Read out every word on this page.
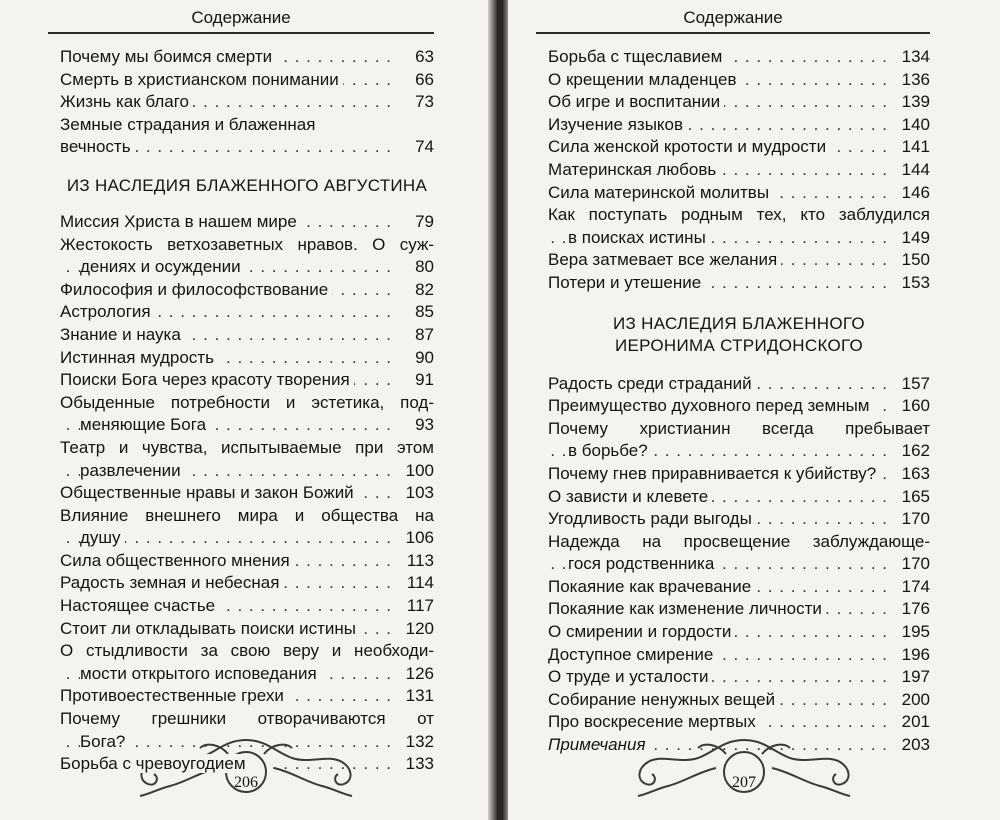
Содержание
Почему мы боимся смерти . . .	63
Смерть в христианском понимании . . .	66
Жизнь как благо . . .	73
Земные страдания и блаженная вечность . . .	74
ИЗ НАСЛЕДИЯ БЛАЖЕННОГО АВГУСТИНА
Миссия Христа в нашем мире . . .	79
Жестокость ветхозаветных нравов. О суж-
дениях и осуждении . . .	80
Философия и философствование . . .	82
Астрология . . .	85
Знание и наука . . .	87
Истинная мудрость . . .	90
Поиски Бога через красоту творения . . .	91
Обыденные потребности и эстетика, под-
меняющие Бога . . .	93
Театр и чувства, испытываемые при этом
развлечении . . .	100
Общественные нравы и закон Божий . . .	103
Влияние внешнего мира и общества на
душу . . .	106
Сила общественного мнения . . .	113
Радость земная и небесная . . .	114
Настоящее счастье . . .	117
Стоит ли откладывать поиски истины . . .	120
О стыдливости за свою веру и необходи-
мости открытого исповедания . . .	126
Противоестественные грехи . . .	131
Почему грешники отворачиваются от
Бога? . . .	132
Борьба с чревоугодием . . .	133
206
Содержание
Борьба с тщеславием . . .	134
О крещении младенцев . . .	136
Об игре и воспитании . . .	139
Изучение языков . . .	140
Сила женской кротости и мудрости . . .	141
Материнская любовь . . .	144
Сила материнской молитвы . . .	146
Как поступать родным тех, кто заблудился
в поисках истины . . .	149
Вера затмевает все желания . . .	150
Потери и утешение . . .	153
ИЗ НАСЛЕДИЯ БЛАЖЕННОГО
ИЕРОНИМА СТРИДОНСКОГО
Радость среди страданий . . .	157
Преимущество духовного перед земным . . .	160
Почему христианин всегда пребывает
в борьбе? . . .	162
Почему гнев приравнивается к убийству? . . .	163
О зависти и клевете . . .	165
Угодливость ради выгоды . . .	170
Надежда на просвещение заблуждающе-
гося родственника . . .	170
Покаяние как врачевание . . .	174
Покаяние как изменение личности . . .	176
О смирении и гордости . . .	195
Доступное смирение . . .	196
О труде и усталости . . .	197
Собирание ненужных вещей . . .	200
Про воскресение мертвых . . .	201
Примечания . . .	203
207
